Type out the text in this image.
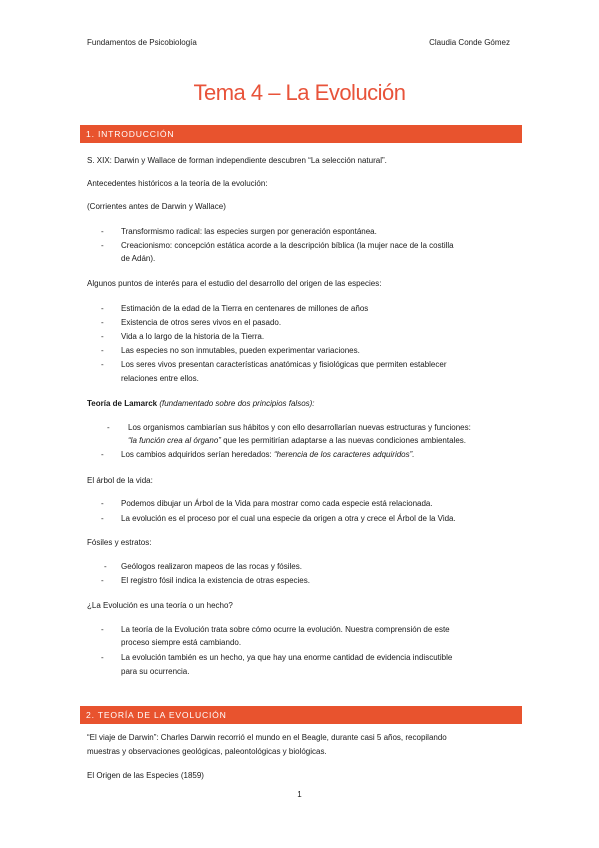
Fundamentos de Psicobiología	Claudia Conde Gómez
Tema 4 – La Evolución
1. INTRODUCCIÓN
S. XIX: Darwin y Wallace de forman independiente descubren “La selección natural”.
Antecedentes históricos a la teoría de la evolución:
(Corrientes antes de Darwin y Wallace)
- Transformismo radical: las especies surgen por generación espontánea.
- Creacionismo: concepción estática acorde a la descripción bíblica (la mujer nace de la costilla
de Adán).
Algunos puntos de interés para el estudio del desarrollo del origen de las especies:
- Estimación de la edad de la Tierra en centenares de millones de años
- Existencia de otros seres vivos en el pasado.
- Vida a lo largo de la historia de la Tierra.
- Las especies no son inmutables, pueden experimentar variaciones.
- Los seres vivos presentan características anatómicas y fisiológicas que permiten establecer
relaciones entre ellos.
Teoría de Lamarck (fundamentado sobre dos principios falsos):
- Los organismos cambiarían sus hábitos y con ello desarrollarían nuevas estructuras y funciones:
“la función crea al órgano” que les permitirían adaptarse a las nuevas condiciones ambientales.
- Los cambios adquiridos serían heredados: “herencia de los caracteres adquiridos”.
El árbol de la vida:
- Podemos dibujar un Árbol de la Vida para mostrar como cada especie está relacionada.
- La evolución es el proceso por el cual una especie da origen a otra y crece el Árbol de la Vida.
Fósiles y estratos:
- Geólogos realizaron mapeos de las rocas y fósiles.
- El registro fósil indica la existencia de otras especies.
¿La Evolución es una teoría o un hecho?
- La teoría de la Evolución trata sobre cómo ocurre la evolución. Nuestra comprensión de este
proceso siempre está cambiando.
- La evolución también es un hecho, ya que hay una enorme cantidad de evidencia indiscutible
para su ocurrencia.
2. TEORÍA DE LA EVOLUCIÓN
“El viaje de Darwin”: Charles Darwin recorrió el mundo en el Beagle, durante casi 5 años, recopilando
muestras y observaciones geológicas, paleontológicas y biológicas.
El Origen de las Especies (1859)
1
